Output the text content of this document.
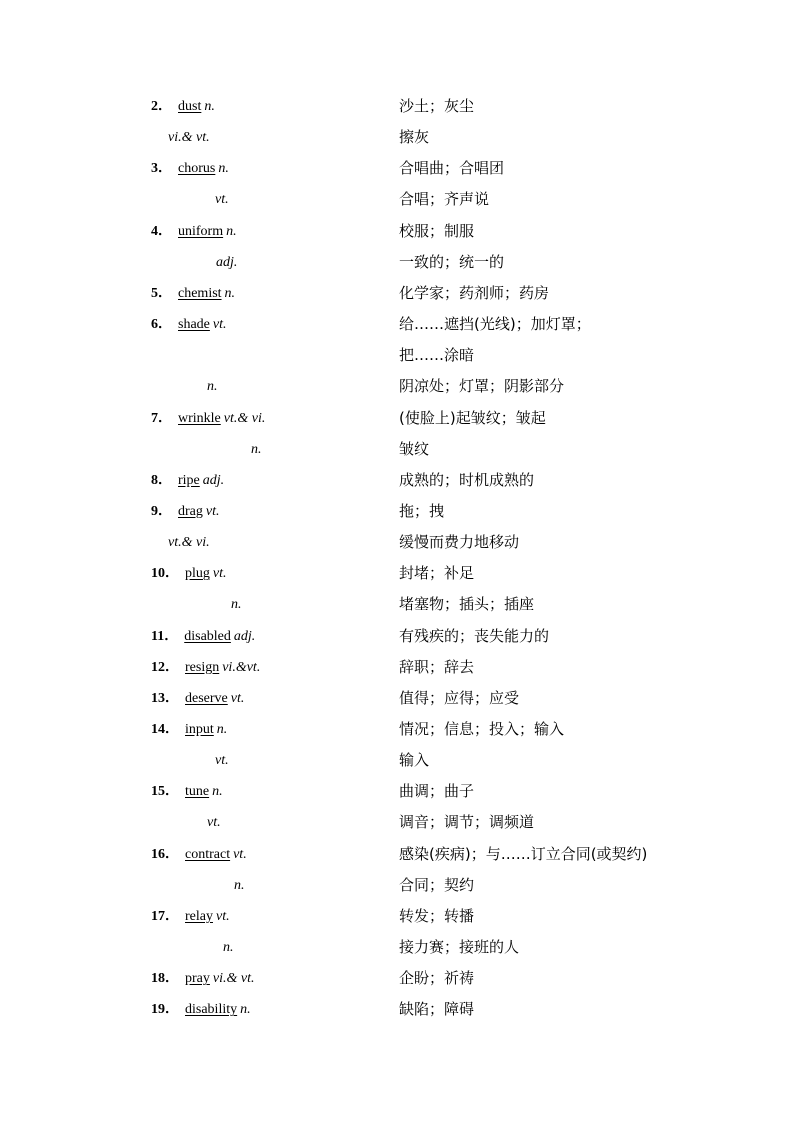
2． dust n.	沙土；灰尘
vi.& vt.	擦灰
3． chorus n.	合唱曲；合唱团
vt.	合唱；齐声说
4． uniform n.	校服；制服
adj.	一致的；统一的
5． chemist n.	化学家；药剂师；药房
6． shade vt.	给……遮挡(光线)；加灯罩；
把……涂暗
n.	阴凉处；灯罩；阴影部分
7． wrinkle vt.& vi.	(使脸上)起皱纹；皱起
n.	皱纹
8． ripe adj.	成熟的；时机成熟的
9． drag vt.	拖；拽
vt.& vi.	缓慢而费力地移动
10． plug vt.	封堵；补足
n.	堵塞物；插头；插座
11． disabled adj.	有残疾的；丧失能力的
12． resign vi.&vt.	辞职；辞去
13． deserve vt.	值得；应得；应受
14． input n.	情况；信息；投入；输入
vt.	输入
15． tune n.	曲调；曲子
vt.	调音；调节；调频道
16． contract vt.	感染(疾病)；与……订立合同(或契约)
n.	合同；契约
17． relay vt.	转发；转播
n.	接力赛；接班的人
18． pray vi.& vt.	企盼；祈祷
19． disability n.	缺陷；障碍
